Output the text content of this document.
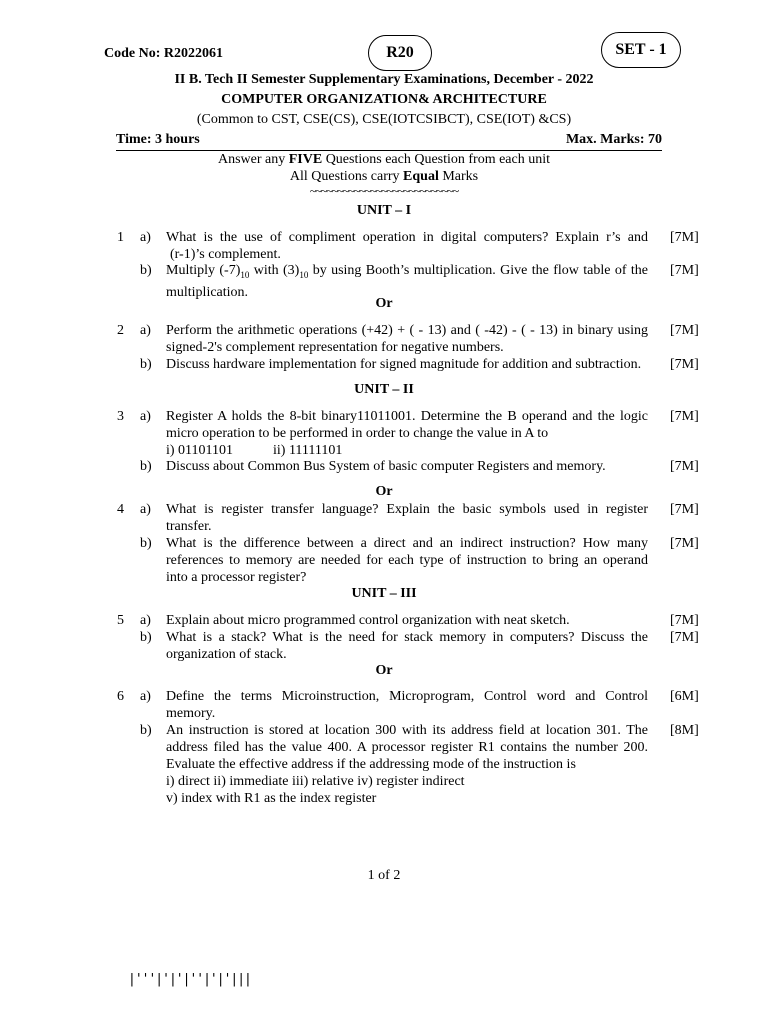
Code No: R2022061	R20	SET - 1
II B. Tech II Semester Supplementary Examinations, December - 2022
COMPUTER ORGANIZATION& ARCHITECTURE
(Common to CST, CSE(CS), CSE(IOTCSIBCT), CSE(IOT) &CS)
Time: 3 hours	Max. Marks: 70
Answer any FIVE Questions each Question from each unit
All Questions carry Equal Marks
~~~~~~~~~~~~~~~~~~~~~~~~~~~
UNIT – I
1 a) What is the use of compliment operation in digital computers? Explain r’s and
(r-1)’s complement.
[7M]
b) Multiply $(-7)_{10}$ with $(3)_{10}$ by using Booth’s multiplication. Give the flow table of the
multiplication.
[7M]
Or
2 a) Perform the arithmetic operations (+42) + ( - 13) and ( -42) - ( - 13) in binary using
signed-2's complement representation for negative numbers.
[7M]
b) Discuss hardware implementation for signed magnitude for addition and subtraction.	[7M]
UNIT – II
3 a) Register A holds the 8-bit binary11011001. Determine the B operand and the logic
micro operation to be performed in order to change the value in A to
i) 01101101	ii) 11111101
[7M]
b) Discuss about Common Bus System of basic computer Registers and memory.	[7M]
Or
4 a) What is register transfer language? Explain the basic symbols used in register
transfer.
[7M]
b) What is the difference between a direct and an indirect instruction? How many
references to memory are needed for each type of instruction to bring an operand
into a processor register?
[7M]
UNIT – III
5 a) Explain about micro programmed control organization with neat sketch.	[7M]
b) What is a stack? What is the need for stack memory in computers? Discuss the
organization of stack.
[7M]
Or
6 a) Define the terms Microinstruction, Microprogram, Control word and Control
memory.
[6M]
b) An instruction is stored at location 300 with its address field at location 301. The
address filed has the value 400. A processor register R1 contains the number 200.
Evaluate the effective address if the addressing mode of the instruction is
i) direct ii) immediate iii) relative iv) register indirect
v) index with R1 as the index register
[8M]
1 of 2
|'''|'|'|''|'|'|||
